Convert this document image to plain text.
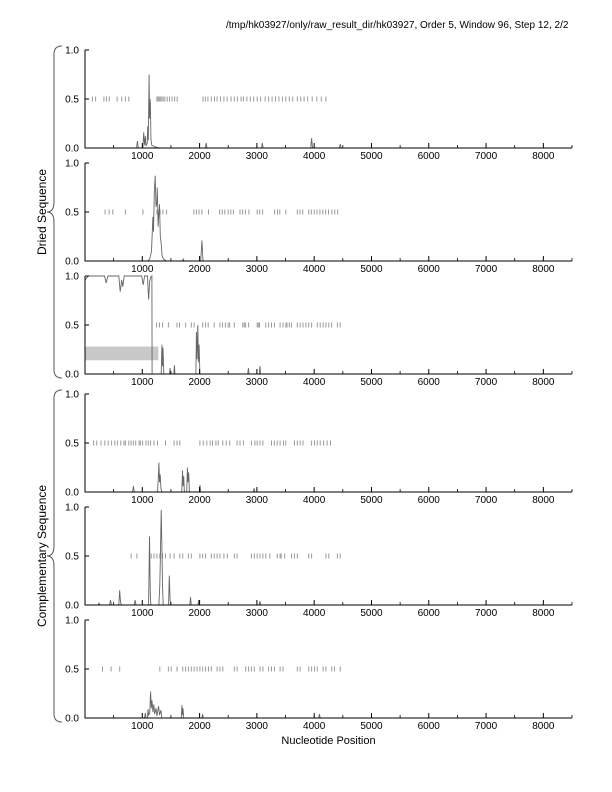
/tmp/hk03927/only/raw_result_dir/hk03927, Order 5, Window 96, Step 12, 2/2
Dried Sequence
Complementary Sequence
Nucleotide Position
0.0
0.5
1.0
1000	2000	3000	4000	5000	6000	7000	8000
0.0
0.5
1.0
1000	2000	3000	4000	5000	6000	7000	8000
0.0
0.5
1.0
1000	2000	3000	4000	5000	6000	7000	8000
0.0
0.5
1.0
1000	2000	3000	4000	5000	6000	7000	8000
0.0
0.5
1.0
1000	2000	3000	4000	5000	6000	7000	8000
0.0
0.5
1.0
1000	2000	3000	4000	5000	6000	7000	8000
